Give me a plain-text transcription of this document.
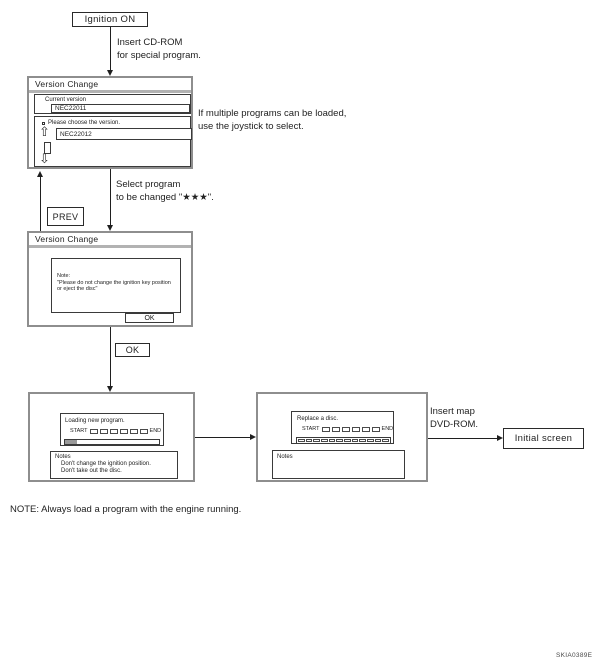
Ignition ON
Insert CD-ROM
for special program.
Version Change
Current version
NEC22011
Please choose the version.
⇧	NEC22012
⇩
If multiple programs can be loaded,
use the joystick to select.
Select program
to be changed "★★★".
PREV
Version Change
Note:
"Please do not change the ignition key position
or eject the disc"
OK
OK
Loading new program.
START	END
Notes
Don't change the ignition position.
Don't take out the disc.
Replace a disc.
START	END
Notes
Insert map
DVD-ROM.
Initial screen
NOTE: Always load a program with the engine running.
SKIA0389E
